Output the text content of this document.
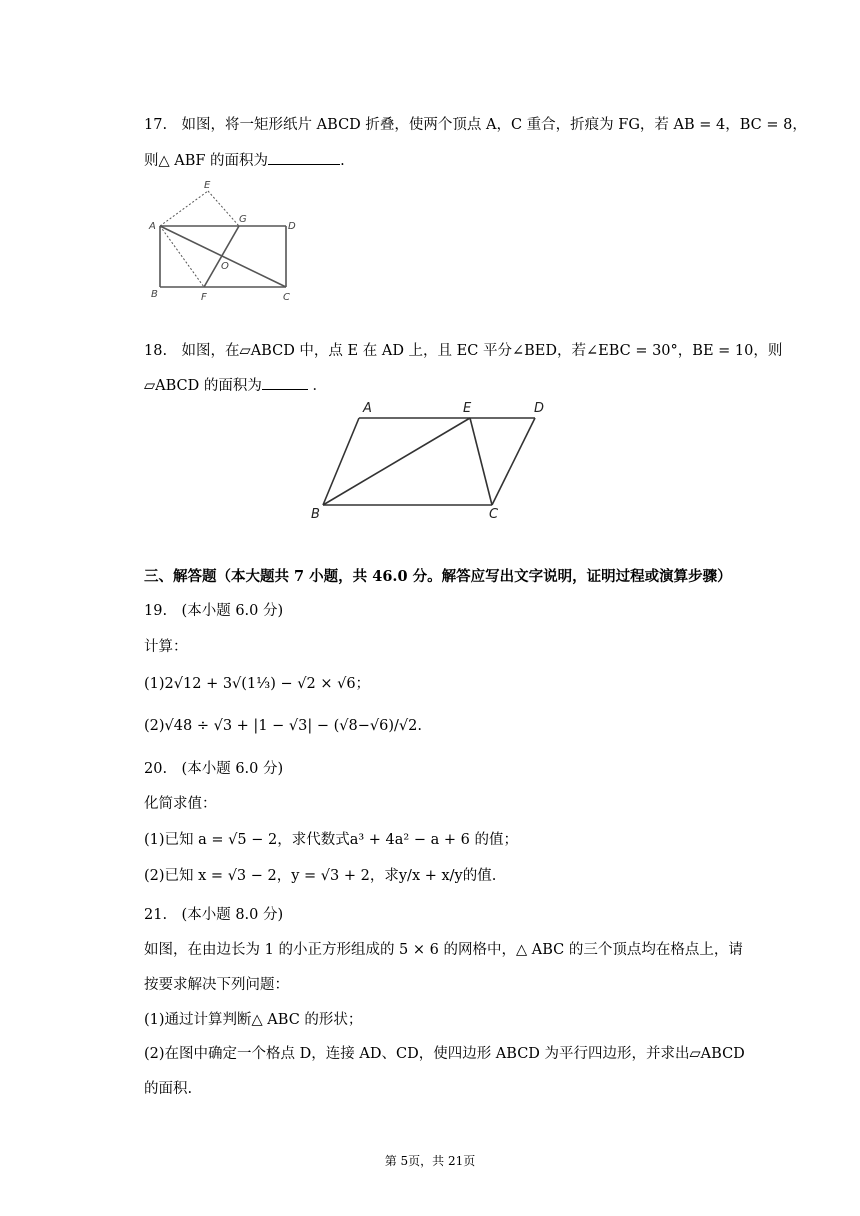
17.　如图，将一矩形纸片 ABCD 折叠，使两个顶点 A，C 重合，折痕为 FG，若 AB = 4，BC = 8，
则△ ABF 的面积为	.
E
A
G
D
O
B	F	C
18.　如图，在▱ABCD 中，点 E 在 AD 上，且 EC 平分∠BED，若∠EBC = 30°，BE = 10，则
▱ABCD 的面积为	．
A	E	D
B	C
三、解答题（本大题共 7 小题，共 46.0 分。解答应写出文字说明，证明过程或演算步骤）
19.　(本小题 6.0 分)
计算：
(1)2√12 + 3√(1⅓) − √2 × √6；
(2)√48 ÷ √3 + |1 − √3| − (√8−√6)/√2.
20.　(本小题 6.0 分)
化简求值：
(1)已知 a = √5 − 2，求代数式a³ + 4a² − a + 6 的值；
(2)已知 x = √3 − 2，y = √3 + 2，求y/x + x/y的值.
21.　(本小题 8.0 分)
如图，在由边长为 1 的小正方形组成的 5 × 6 的网格中，△ ABC 的三个顶点均在格点上，请
按要求解决下列问题：
(1)通过计算判断△ ABC 的形状；
(2)在图中确定一个格点 D，连接 AD、CD，使四边形 ABCD 为平行四边形，并求出▱ABCD
的面积.
第 5页，共 21页
